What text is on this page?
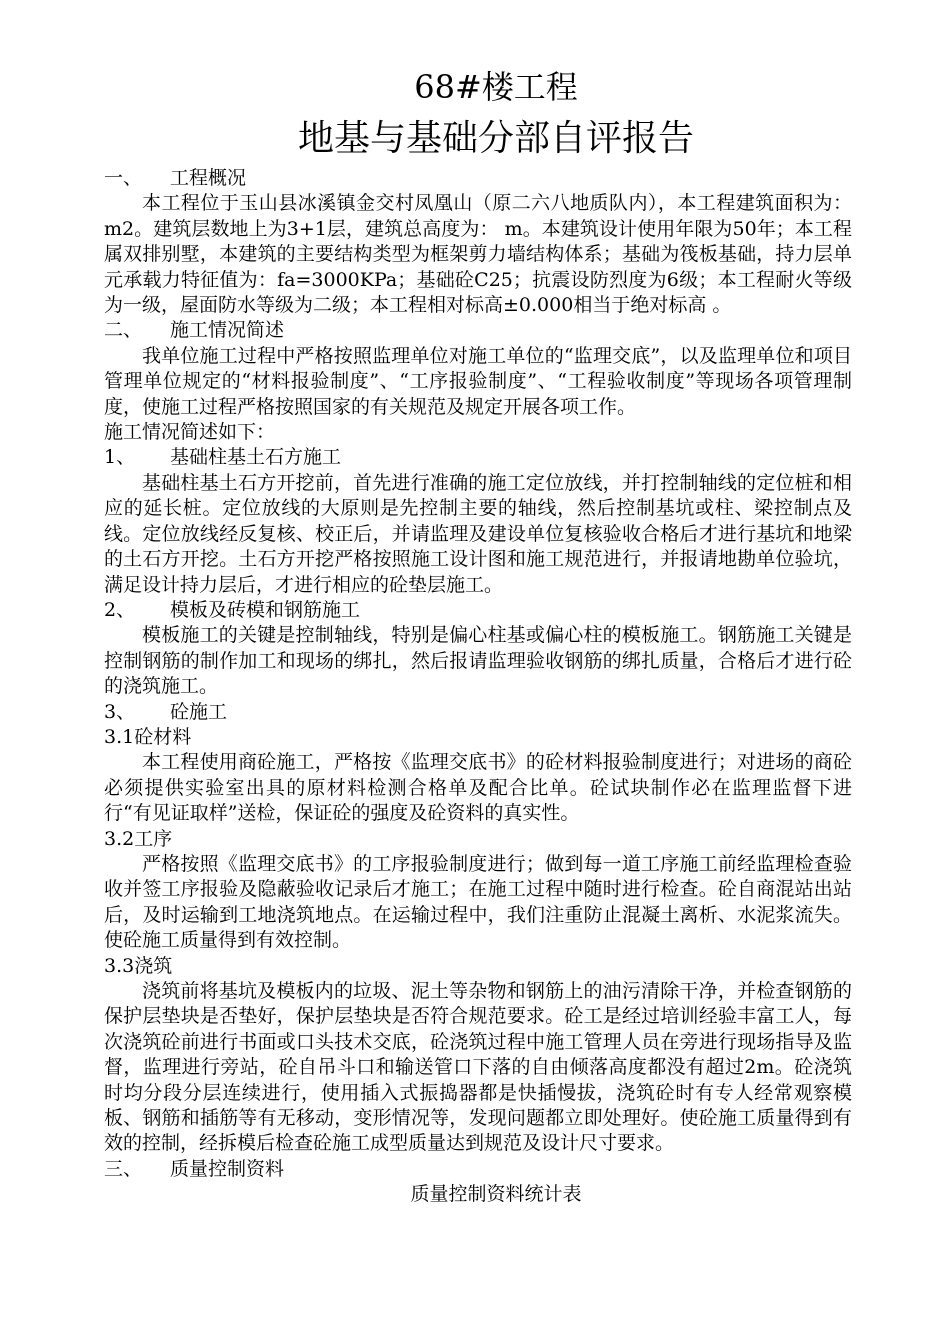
68#楼工程
地基与基础分部自评报告

一、	工程概况

本工程位于玉山县冰溪镇金交村凤凰山（原二六八地质队内），本工程建筑面积为： m2。建筑层数地上为3+1层，建筑总高度为： m。本建筑设计使用年限为50年；本工程属双排别墅，本建筑的主要结构类型为框架剪力墙结构体系；基础为筏板基础，持力层单元承载力特征值为：fa=3000KPa；基础砼C25；抗震设防烈度为6级；本工程耐火等级为一级，屋面防水等级为二级；本工程相对标高±0.000相当于绝对标高 。

二、	施工情况简述

我单位施工过程中严格按照监理单位对施工单位的“监理交底”，以及监理单位和项目管理单位规定的“材料报验制度”、“工序报验制度”、“工程验收制度”等现场各项管理制度，使施工过程严格按照国家的有关规范及规定开展各项工作。

施工情况简述如下：

1、	基础柱基土石方施工

基础柱基土石方开挖前，首先进行准确的施工定位放线，并打控制轴线的定位桩和相应的延长桩。定位放线的大原则是先控制主要的轴线，然后控制基坑或柱、梁控制点及线。定位放线经反复核、校正后，并请监理及建设单位复核验收合格后才进行基坑和地梁的土石方开挖。土石方开挖严格按照施工设计图和施工规范进行，并报请地勘单位验坑，满足设计持力层后，才进行相应的砼垫层施工。

2、	模板及砖模和钢筋施工

模板施工的关键是控制轴线，特别是偏心柱基或偏心柱的模板施工。钢筋施工关键是控制钢筋的制作加工和现场的绑扎，然后报请监理验收钢筋的绑扎质量，合格后才进行砼的浇筑施工。

3、	砼施工

3.1砼材料

本工程使用商砼施工，严格按《监理交底书》的砼材料报验制度进行；对进场的商砼必须提供实验室出具的原材料检测合格单及配合比单。砼试块制作必在监理监督下进行“有见证取样”送检，保证砼的强度及砼资料的真实性。

3.2工序

严格按照《监理交底书》的工序报验制度进行；做到每一道工序施工前经监理检查验收并签工序报验及隐蔽验收记录后才施工；在施工过程中随时进行检查。砼自商混站出站后，及时运输到工地浇筑地点。在运输过程中，我们注重防止混凝土离析、水泥浆流失。使砼施工质量得到有效控制。

3.3浇筑

浇筑前将基坑及模板内的垃圾、泥土等杂物和钢筋上的油污清除干净，并检查钢筋的保护层垫块是否垫好，保护层垫块是否符合规范要求。砼工是经过培训经验丰富工人，每次浇筑砼前进行书面或口头技术交底，砼浇筑过程中施工管理人员在旁进行现场指导及监督，监理进行旁站，砼自吊斗口和输送管口下落的自由倾落高度都没有超过2m。砼浇筑时均分段分层连续进行，使用插入式振捣器都是快插慢拔，浇筑砼时有专人经常观察模板、钢筋和插筋等有无移动，变形情况等，发现问题都立即处理好。使砼施工质量得到有效的控制，经拆模后检查砼施工成型质量达到规范及设计尺寸要求。

三、	质量控制资料

质量控制资料统计表
